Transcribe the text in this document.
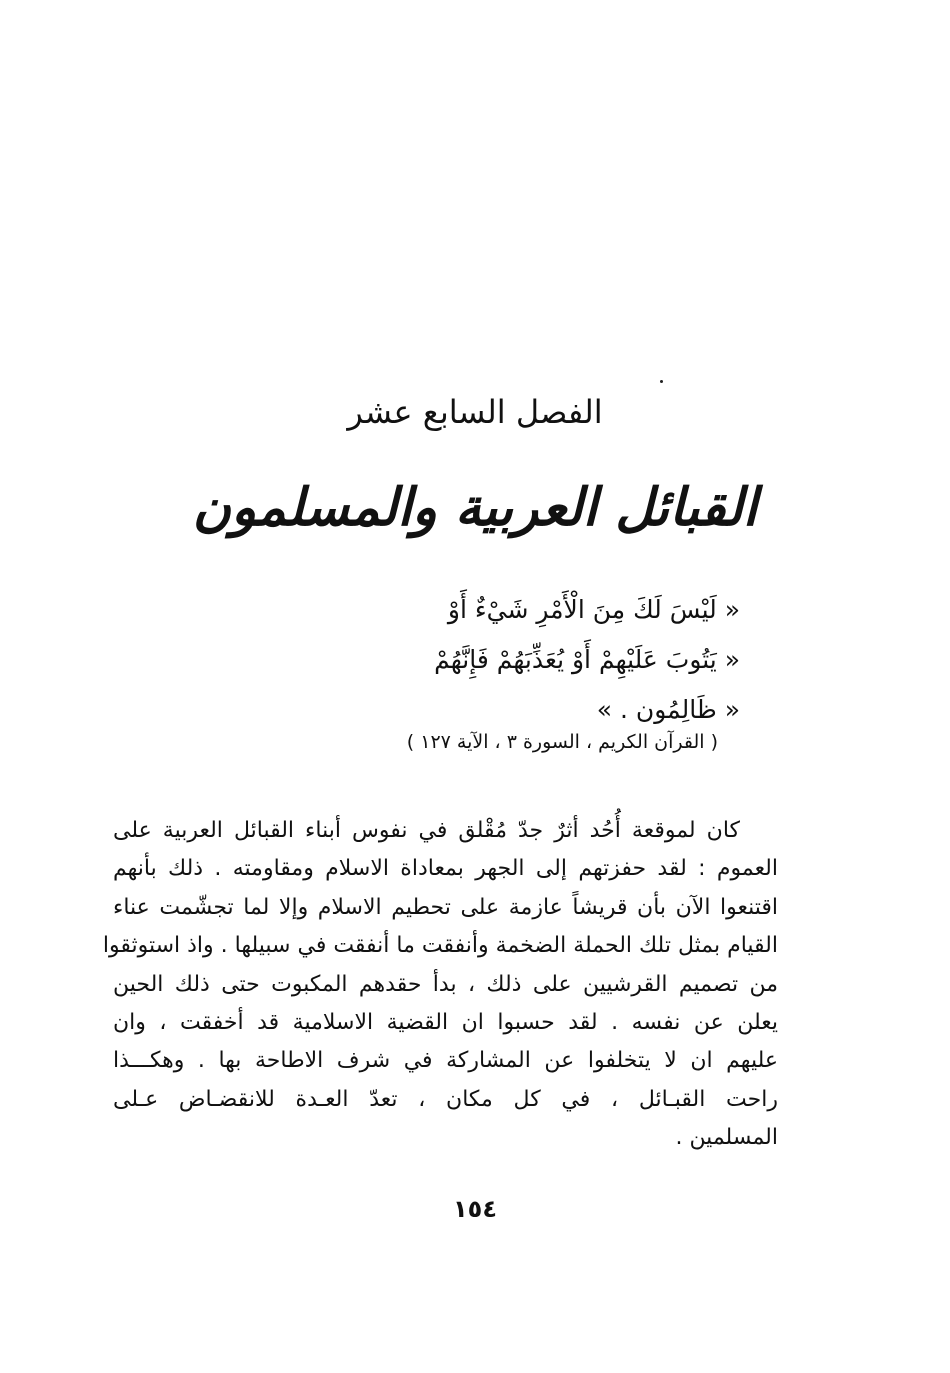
الفصل السابع عشر
القبائل العربية والمسلمون
« لَيْسَ لَكَ مِنَ الْأَمْرِ شَيْءٌ أَوْ
« يَتُوبَ عَلَيْهِمْ أَوْ يُعَذِّبَهُمْ فَإِنَّهُمْ
« ظَالِمُون . »
( القرآن الكريم ، السورة ٣ ، الآية ١٢٧ )
كان لموقعة أُحُد أثرٌ جدّ مُقْلق في نفوس أبناء القبائل العربية على
العموم : لقد حفزتهم إلى الجهر بمعاداة الاسلام ومقاومته . ذلك بأنهم
اقتنعوا الآن بأن قريشاً عازمة على تحطيم الاسلام وإلا لما تجشّمت عناء
القيام بمثل تلك الحملة الضخمة وأنفقت ما أنفقت في سبيلها . واذ استوثقوا
من تصميم القرشيين على ذلك ، بدأ حقدهم المكبوت حتى ذلك الحين
يعلن عن نفسه . لقد حسبوا ان القضية الاسلامية قد أخفقت ، وان
عليهم ان لا يتخلفوا عن المشاركة في شرف الاطاحة بها . وهكـــذا
راحت القبـائل ، في كل مكان ، تعدّ العـدة للانقضـاض عـلى
المسلمين .
١٥٤
